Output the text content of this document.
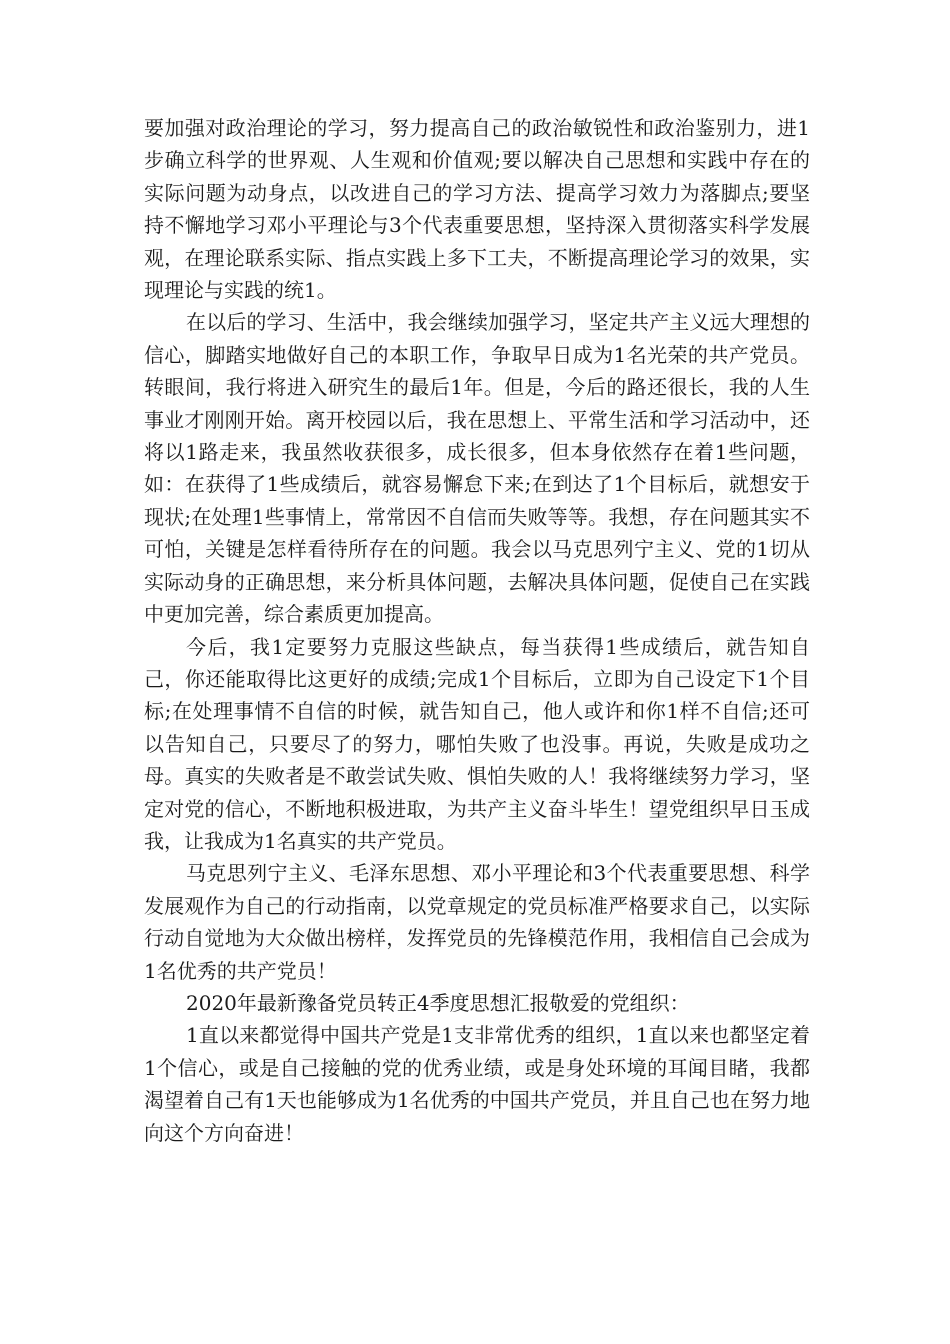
要加强对政治理论的学习，努力提高自己的政治敏锐性和政治鉴别力，进1步确立科学的世界观、人生观和价值观;要以解决自己思想和实践中存在的实际问题为动身点，以改进自己的学习方法、提高学习效力为落脚点;要坚持不懈地学习邓小平理论与3个代表重要思想，坚持深入贯彻落实科学发展观，在理论联系实际、指点实践上多下工夫，不断提高理论学习的效果，实现理论与实践的统1。

在以后的学习、生活中，我会继续加强学习，坚定共产主义远大理想的信心，脚踏实地做好自己的本职工作，争取早日成为1名光荣的共产党员。转眼间，我行将进入研究生的最后1年。但是，今后的路还很长，我的人生事业才刚刚开始。离开校园以后，我在思想上、平常生活和学习活动中，还将以1路走来，我虽然收获很多，成长很多，但本身依然存在着1些问题，如：在获得了1些成绩后，就容易懈怠下来;在到达了1个目标后，就想安于现状;在处理1些事情上，常常因不自信而失败等等。我想，存在问题其实不可怕，关键是怎样看待所存在的问题。我会以马克思列宁主义、党的1切从实际动身的正确思想，来分析具体问题，去解决具体问题，促使自己在实践中更加完善，综合素质更加提高。

今后，我1定要努力克服这些缺点，每当获得1些成绩后，就告知自己，你还能取得比这更好的成绩;完成1个目标后，立即为自己设定下1个目标;在处理事情不自信的时候，就告知自己，他人或许和你1样不自信;还可以告知自己，只要尽了的努力，哪怕失败了也没事。再说，失败是成功之母。真实的失败者是不敢尝试失败、惧怕失败的人！我将继续努力学习，坚定对党的信心，不断地积极进取，为共产主义奋斗毕生！望党组织早日玉成我，让我成为1名真实的共产党员。

马克思列宁主义、毛泽东思想、邓小平理论和3个代表重要思想、科学发展观作为自己的行动指南，以党章规定的党员标准严格要求自己，以实际行动自觉地为大众做出榜样，发挥党员的先锋模范作用，我相信自己会成为1名优秀的共产党员！

2020年最新豫备党员转正4季度思想汇报敬爱的党组织：

1直以来都觉得中国共产党是1支非常优秀的组织，1直以来也都坚定着1个信心，或是自己接触的党的优秀业绩，或是身处环境的耳闻目睹，我都渴望着自己有1天也能够成为1名优秀的中国共产党员，并且自己也在努力地向这个方向奋进！
